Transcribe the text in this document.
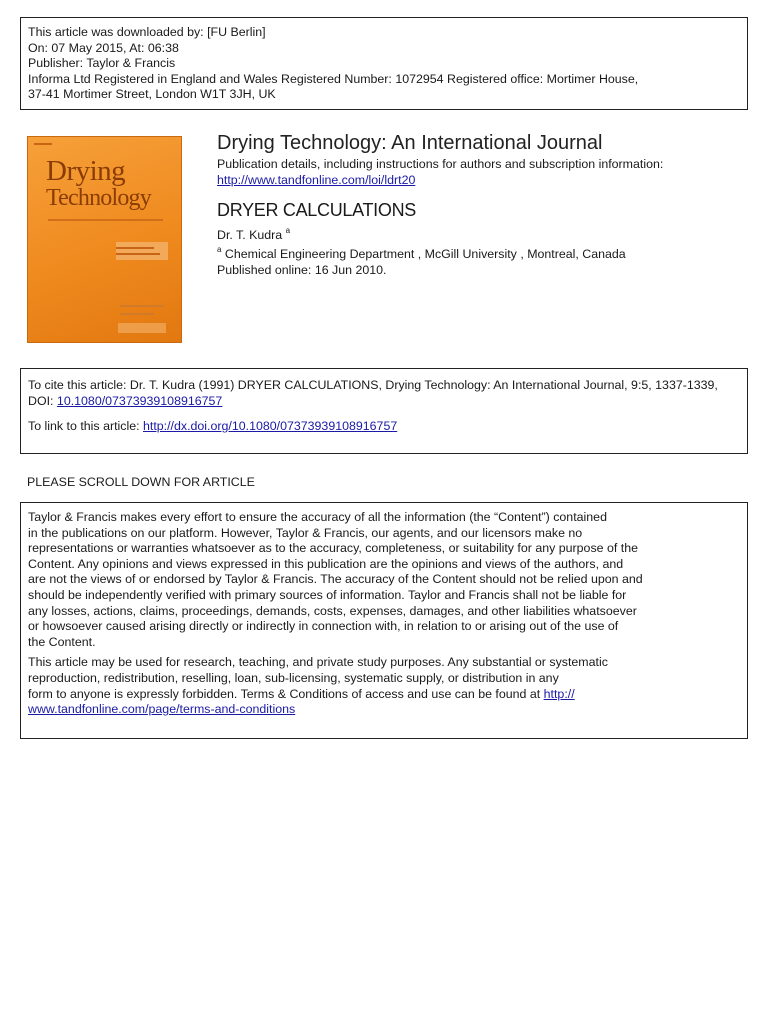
This article was downloaded by: [FU Berlin]
On: 07 May 2015, At: 06:38
Publisher: Taylor & Francis
Informa Ltd Registered in England and Wales Registered Number: 1072954 Registered office: Mortimer House,
37-41 Mortimer Street, London W1T 3JH, UK
Drying
Technology
Drying Technology: An International Journal
Publication details, including instructions for authors and subscription information:
http://www.tandfonline.com/loi/ldrt20
DRYER CALCULATIONS
Dr. T. Kudra $^a$
$^a$ Chemical Engineering Department , McGill University , Montreal, Canada
Published online: 16 Jun 2010.
To cite this article: Dr. T. Kudra (1991) DRYER CALCULATIONS, Drying Technology: An International Journal, 9:5, 1337-1339,
DOI: 10.1080/07373939108916757
To link to this article: http://dx.doi.org/10.1080/07373939108916757
PLEASE SCROLL DOWN FOR ARTICLE
Taylor & Francis makes every effort to ensure the accuracy of all the information (the “Content”) contained
in the publications on our platform. However, Taylor & Francis, our agents, and our licensors make no
representations or warranties whatsoever as to the accuracy, completeness, or suitability for any purpose of the
Content. Any opinions and views expressed in this publication are the opinions and views of the authors, and
are not the views of or endorsed by Taylor & Francis. The accuracy of the Content should not be relied upon and
should be independently verified with primary sources of information. Taylor and Francis shall not be liable for
any losses, actions, claims, proceedings, demands, costs, expenses, damages, and other liabilities whatsoever
or howsoever caused arising directly or indirectly in connection with, in relation to or arising out of the use of
the Content.
This article may be used for research, teaching, and private study purposes. Any substantial or systematic
reproduction, redistribution, reselling, loan, sub-licensing, systematic supply, or distribution in any
form to anyone is expressly forbidden. Terms & Conditions of access and use can be found at http://
www.tandfonline.com/page/terms-and-conditions
